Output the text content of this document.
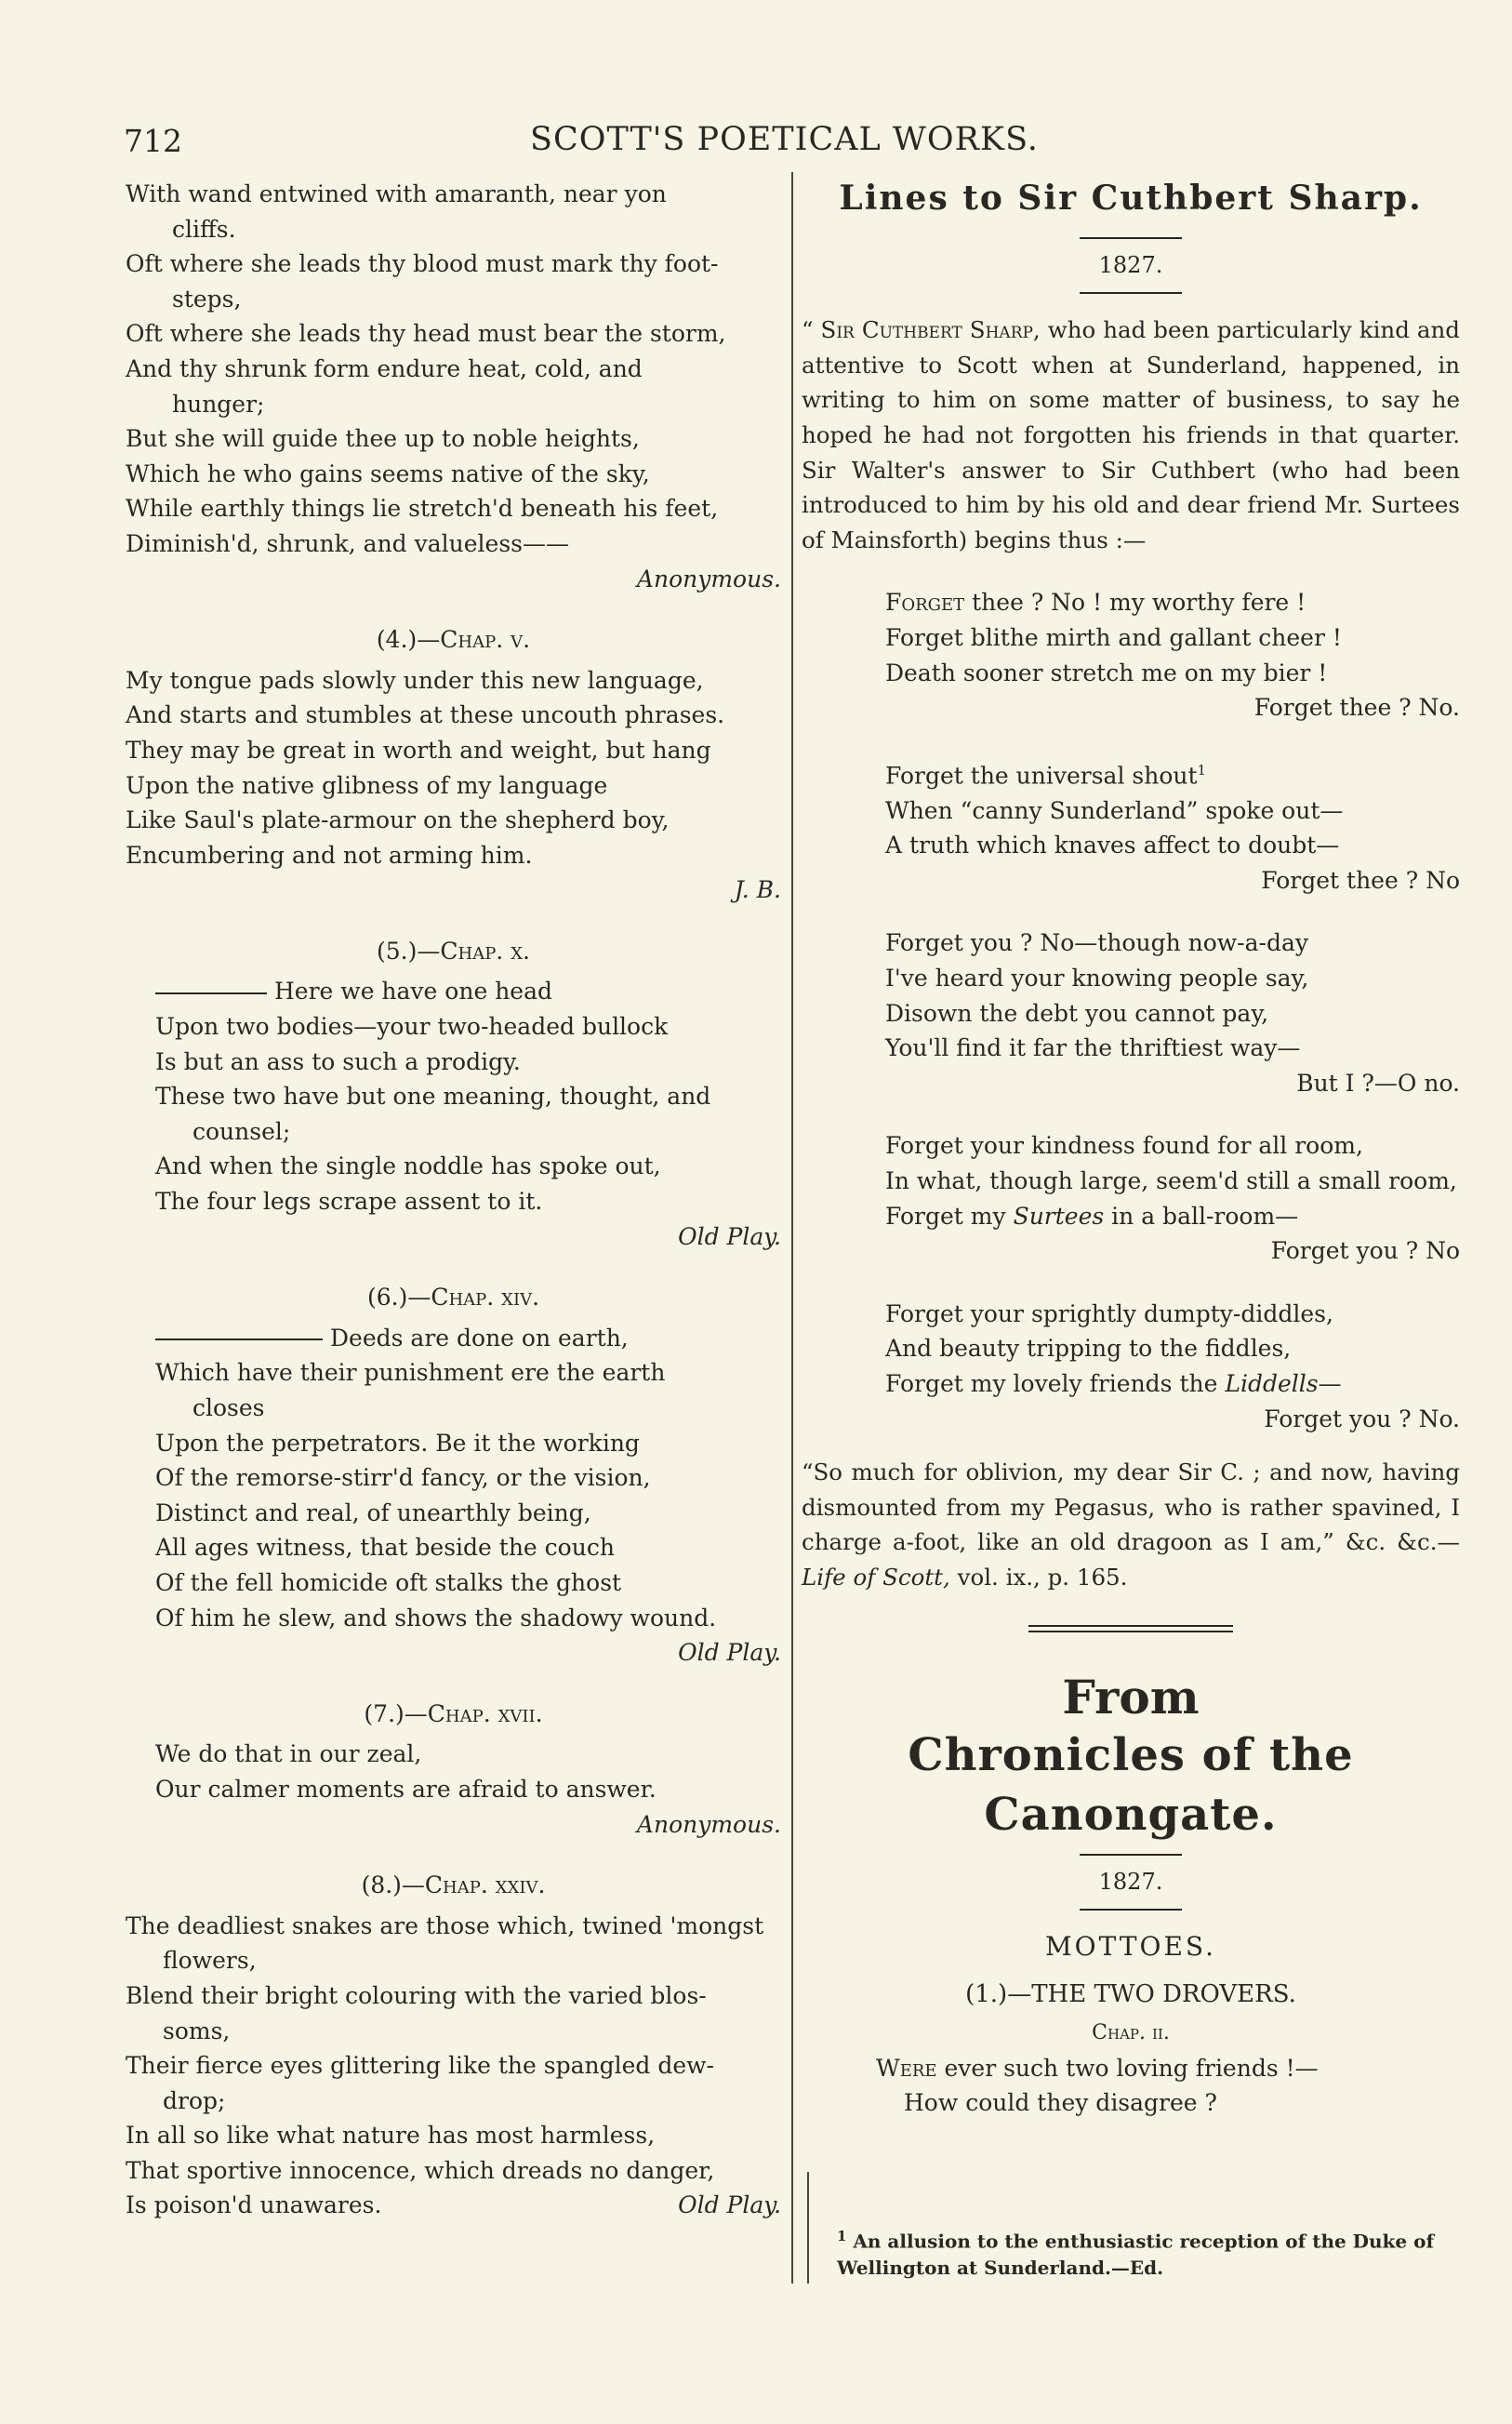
712	SCOTT'S POETICAL WORKS.

With wand entwined with amaranth, near yon

cliffs.

Oft where she leads thy blood must mark thy foot-

steps,

Oft where she leads thy head must bear the storm,

And thy shrunk form endure heat, cold, and

hunger;

But she will guide thee up to noble heights,

Which he who gains seems native of the sky,

While earthly things lie stretch'd beneath his feet,

Diminish'd, shrunk, and valueless——

Anonymous.

(4.)—Chap. v.

My tongue pads slowly under this new language,

And starts and stumbles at these uncouth phrases.

They may be great in worth and weight, but hang

Upon the native glibness of my language

Like Saul's plate-armour on the shepherd boy,

Encumbering and not arming him.

J. B.

(5.)—Chap. x.

Here we have one head

Upon two bodies—your two-headed bullock

Is but an ass to such a prodigy.

These two have but one meaning, thought, and

counsel;

And when the single noddle has spoke out,

The four legs scrape assent to it.

Old Play.

(6.)—Chap. xiv.

Deeds are done on earth,

Which have their punishment ere the earth

closes

Upon the perpetrators. Be it the working

Of the remorse-stirr'd fancy, or the vision,

Distinct and real, of unearthly being,

All ages witness, that beside the couch

Of the fell homicide oft stalks the ghost

Of him he slew, and shows the shadowy wound.

Old Play.

(7.)—Chap. xvii.

We do that in our zeal,

Our calmer moments are afraid to answer.

Anonymous.

(8.)—Chap. xxiv.

The deadliest snakes are those which, twined 'mongst

flowers,

Blend their bright colouring with the varied blos-

soms,

Their fierce eyes glittering like the spangled dew-

drop;

In all so like what nature has most harmless,

That sportive innocence, which dreads no danger,

Is poison'd unawares.	Old Play.

Lines to Sir Cuthbert Sharp.
1827.

“ Sir Cuthbert Sharp, who had been particularly kind and attentive to Scott when at Sunderland, happened, in writing to him on some matter of business, to say he hoped he had not forgotten his friends in that quarter. Sir Walter's answer to Sir Cuthbert (who had been introduced to him by his old and dear friend Mr. Surtees of Mainsforth) begins thus :—

Forget thee ? No ! my worthy fere !

Forget blithe mirth and gallant cheer !

Death sooner stretch me on my bier !

Forget thee ? No.

Forget the universal shout$^1$

When “canny Sunderland” spoke out—

A truth which knaves affect to doubt—

Forget thee ? No

Forget you ? No—though now-a-day

I've heard your knowing people say,

Disown the debt you cannot pay,

You'll find it far the thriftiest way—

But I ?—O no.

Forget your kindness found for all room,

In what, though large, seem'd still a small room,

Forget my Surtees in a ball-room—

Forget you ? No

Forget your sprightly dumpty-diddles,

And beauty tripping to the fiddles,

Forget my lovely friends the Liddells—

Forget you ? No.

“So much for oblivion, my dear Sir C. ; and now, having dismounted from my Pegasus, who is rather spavined, I charge a-foot, like an old dragoon as I am,” &c. &c.—Life of Scott, vol. ix., p. 165.

From
Chronicles of the Canongate.
1827.
MOTTOES.
(1.)—THE TWO DROVERS.
Chap. ii.

Were ever such two loving friends !—

How could they disagree ?

$^1$ An allusion to the enthusiastic reception of the Duke of Wellington at Sunderland.—Ed.
